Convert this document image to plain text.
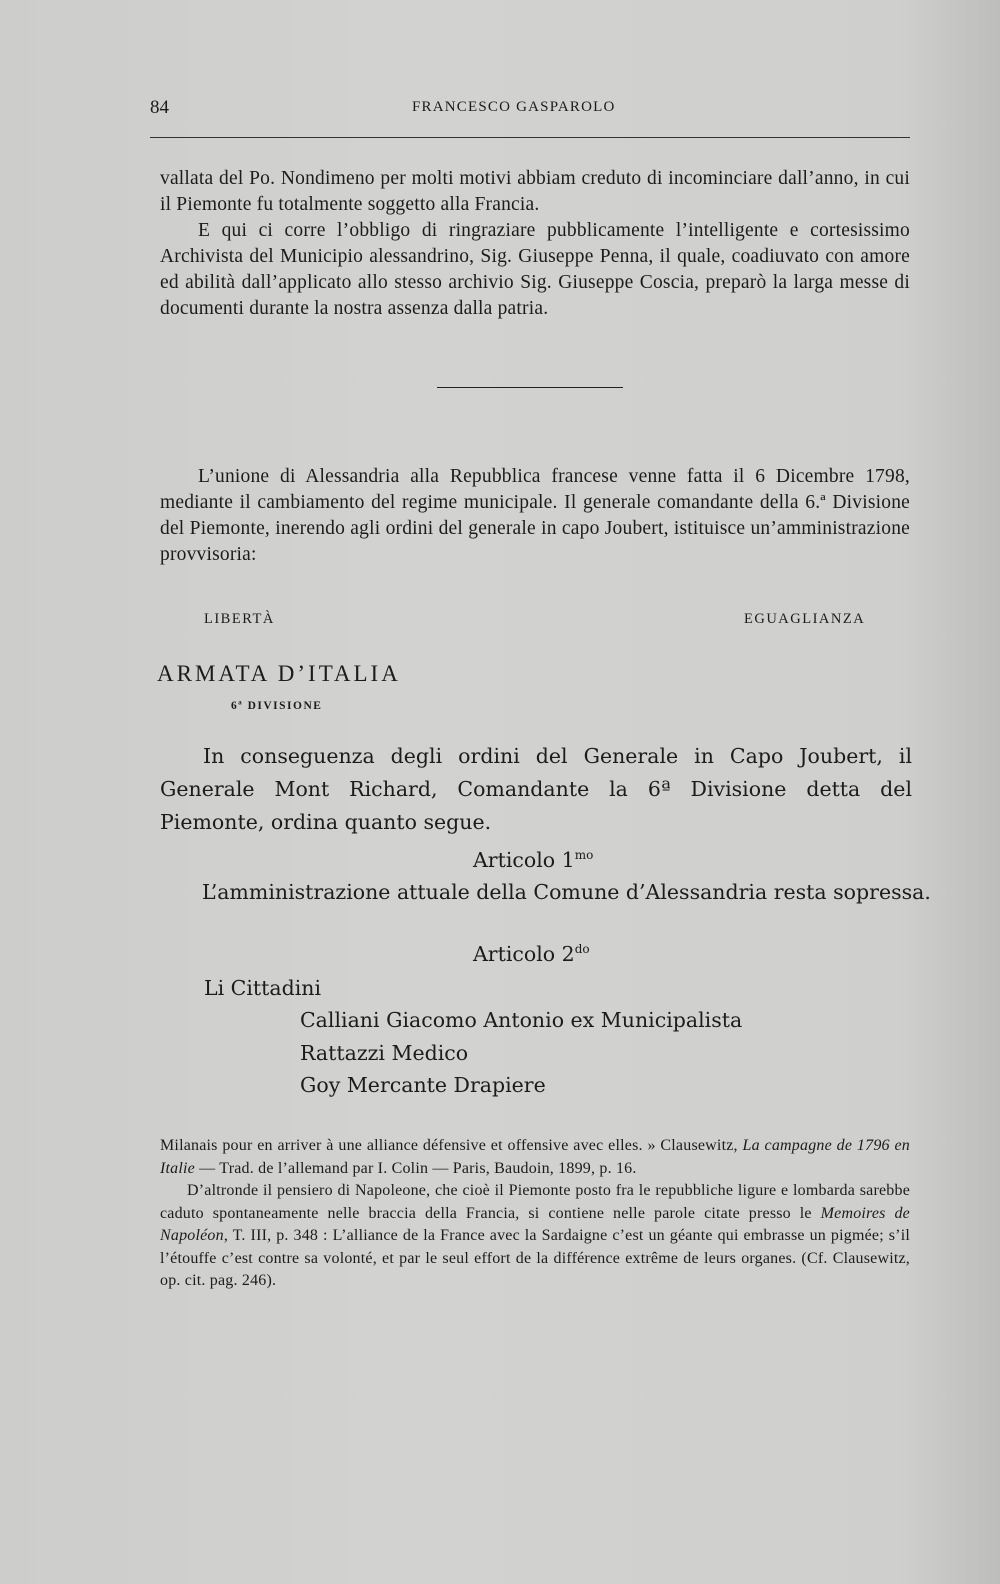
84	FRANCESCO GASPAROLO

vallata del Po. Nondimeno per molti motivi abbiam creduto di incominciare dall’anno, in cui il Piemonte fu totalmente soggetto alla Francia.

E qui ci corre l’obbligo di ringraziare pubblicamente l’intelligente e cortesissimo Archivista del Municipio alessandrino, Sig. Giuseppe Penna, il quale, coadiuvato con amore ed abilità dall’applicato allo stesso archivio Sig. Giuseppe Coscia, preparò la larga messe di documenti durante la nostra assenza dalla patria.

L’unione di Alessandria alla Repubblica francese venne fatta il 6 Dicembre 1798, mediante il cambiamento del regime municipale. Il generale comandante della 6.ª Divisione del Piemonte, inerendo agli ordini del generale in capo Joubert, istituisce un’amministrazione provvisoria:

LIBERTÀ	EGUAGLIANZA
ARMATA D’ITALIA
6ª DIVISIONE

In conseguenza degli ordini del Generale in Capo Joubert, il Generale Mont Richard, Comandante la 6ª Divisione detta del Piemonte, ordina quanto segue.

Articolo $1^{mo}$
L’amministrazione attuale della Comune d’Alessandria resta sopressa.
Articolo $2^{do}$
Li Cittadini
Calliani Giacomo Antonio ex Municipalista
Rattazzi Medico
Goy Mercante Drapiere

Milanais pour en arriver à une alliance défensive et offensive avec elles. » Clausewitz, La campagne de 1796 en Italie — Trad. de l’allemand par I. Colin — Paris, Baudoin, 1899, p. 16.

D’altronde il pensiero di Napoleone, che cioè il Piemonte posto fra le repubbliche ligure e lombarda sarebbe caduto spontaneamente nelle braccia della Francia, si contiene nelle parole citate presso le Memoires de Napoléon, T. III, p. 348 : L’alliance de la France avec la Sardaigne c’est un géante qui embrasse un pigmée; s’il l’étouffe c’est contre sa volonté, et par le seul effort de la différence extrême de leurs organes. (Cf. Clausewitz, op. cit. pag. 246).
